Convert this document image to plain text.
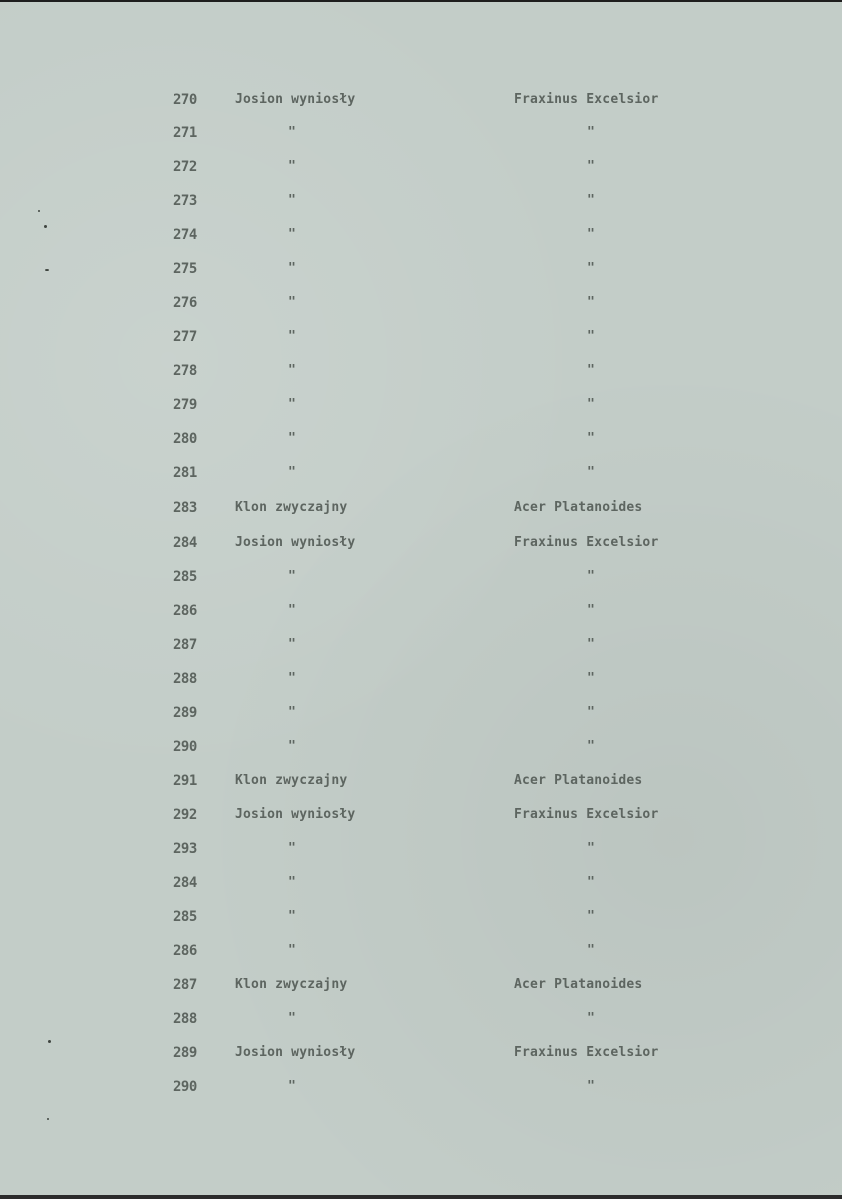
270	Josion wyniosły	Fraxinus Excelsior
271	"	"
272	"	"
273	"	"
274	"	"
275	"	"
276	"	"
277	"	"
278	"	"
279	"	"
280	"	"
281	"	"
283	Klon zwyczajny	Acer Platanoides
284	Josion wyniosły	Fraxinus Excelsior
285	"	"
286	"	"
287	"	"
288	"	"
289	"	"
290	"	"
291	Klon zwyczajny	Acer Platanoides
292	Josion wyniosły	Fraxinus Excelsior
293	"	"
284	"	"
285	"	"
286	"	"
287	Klon zwyczajny	Acer Platanoides
288	"	"
289	Josion wyniosły	Fraxinus Excelsior
290	"	"
